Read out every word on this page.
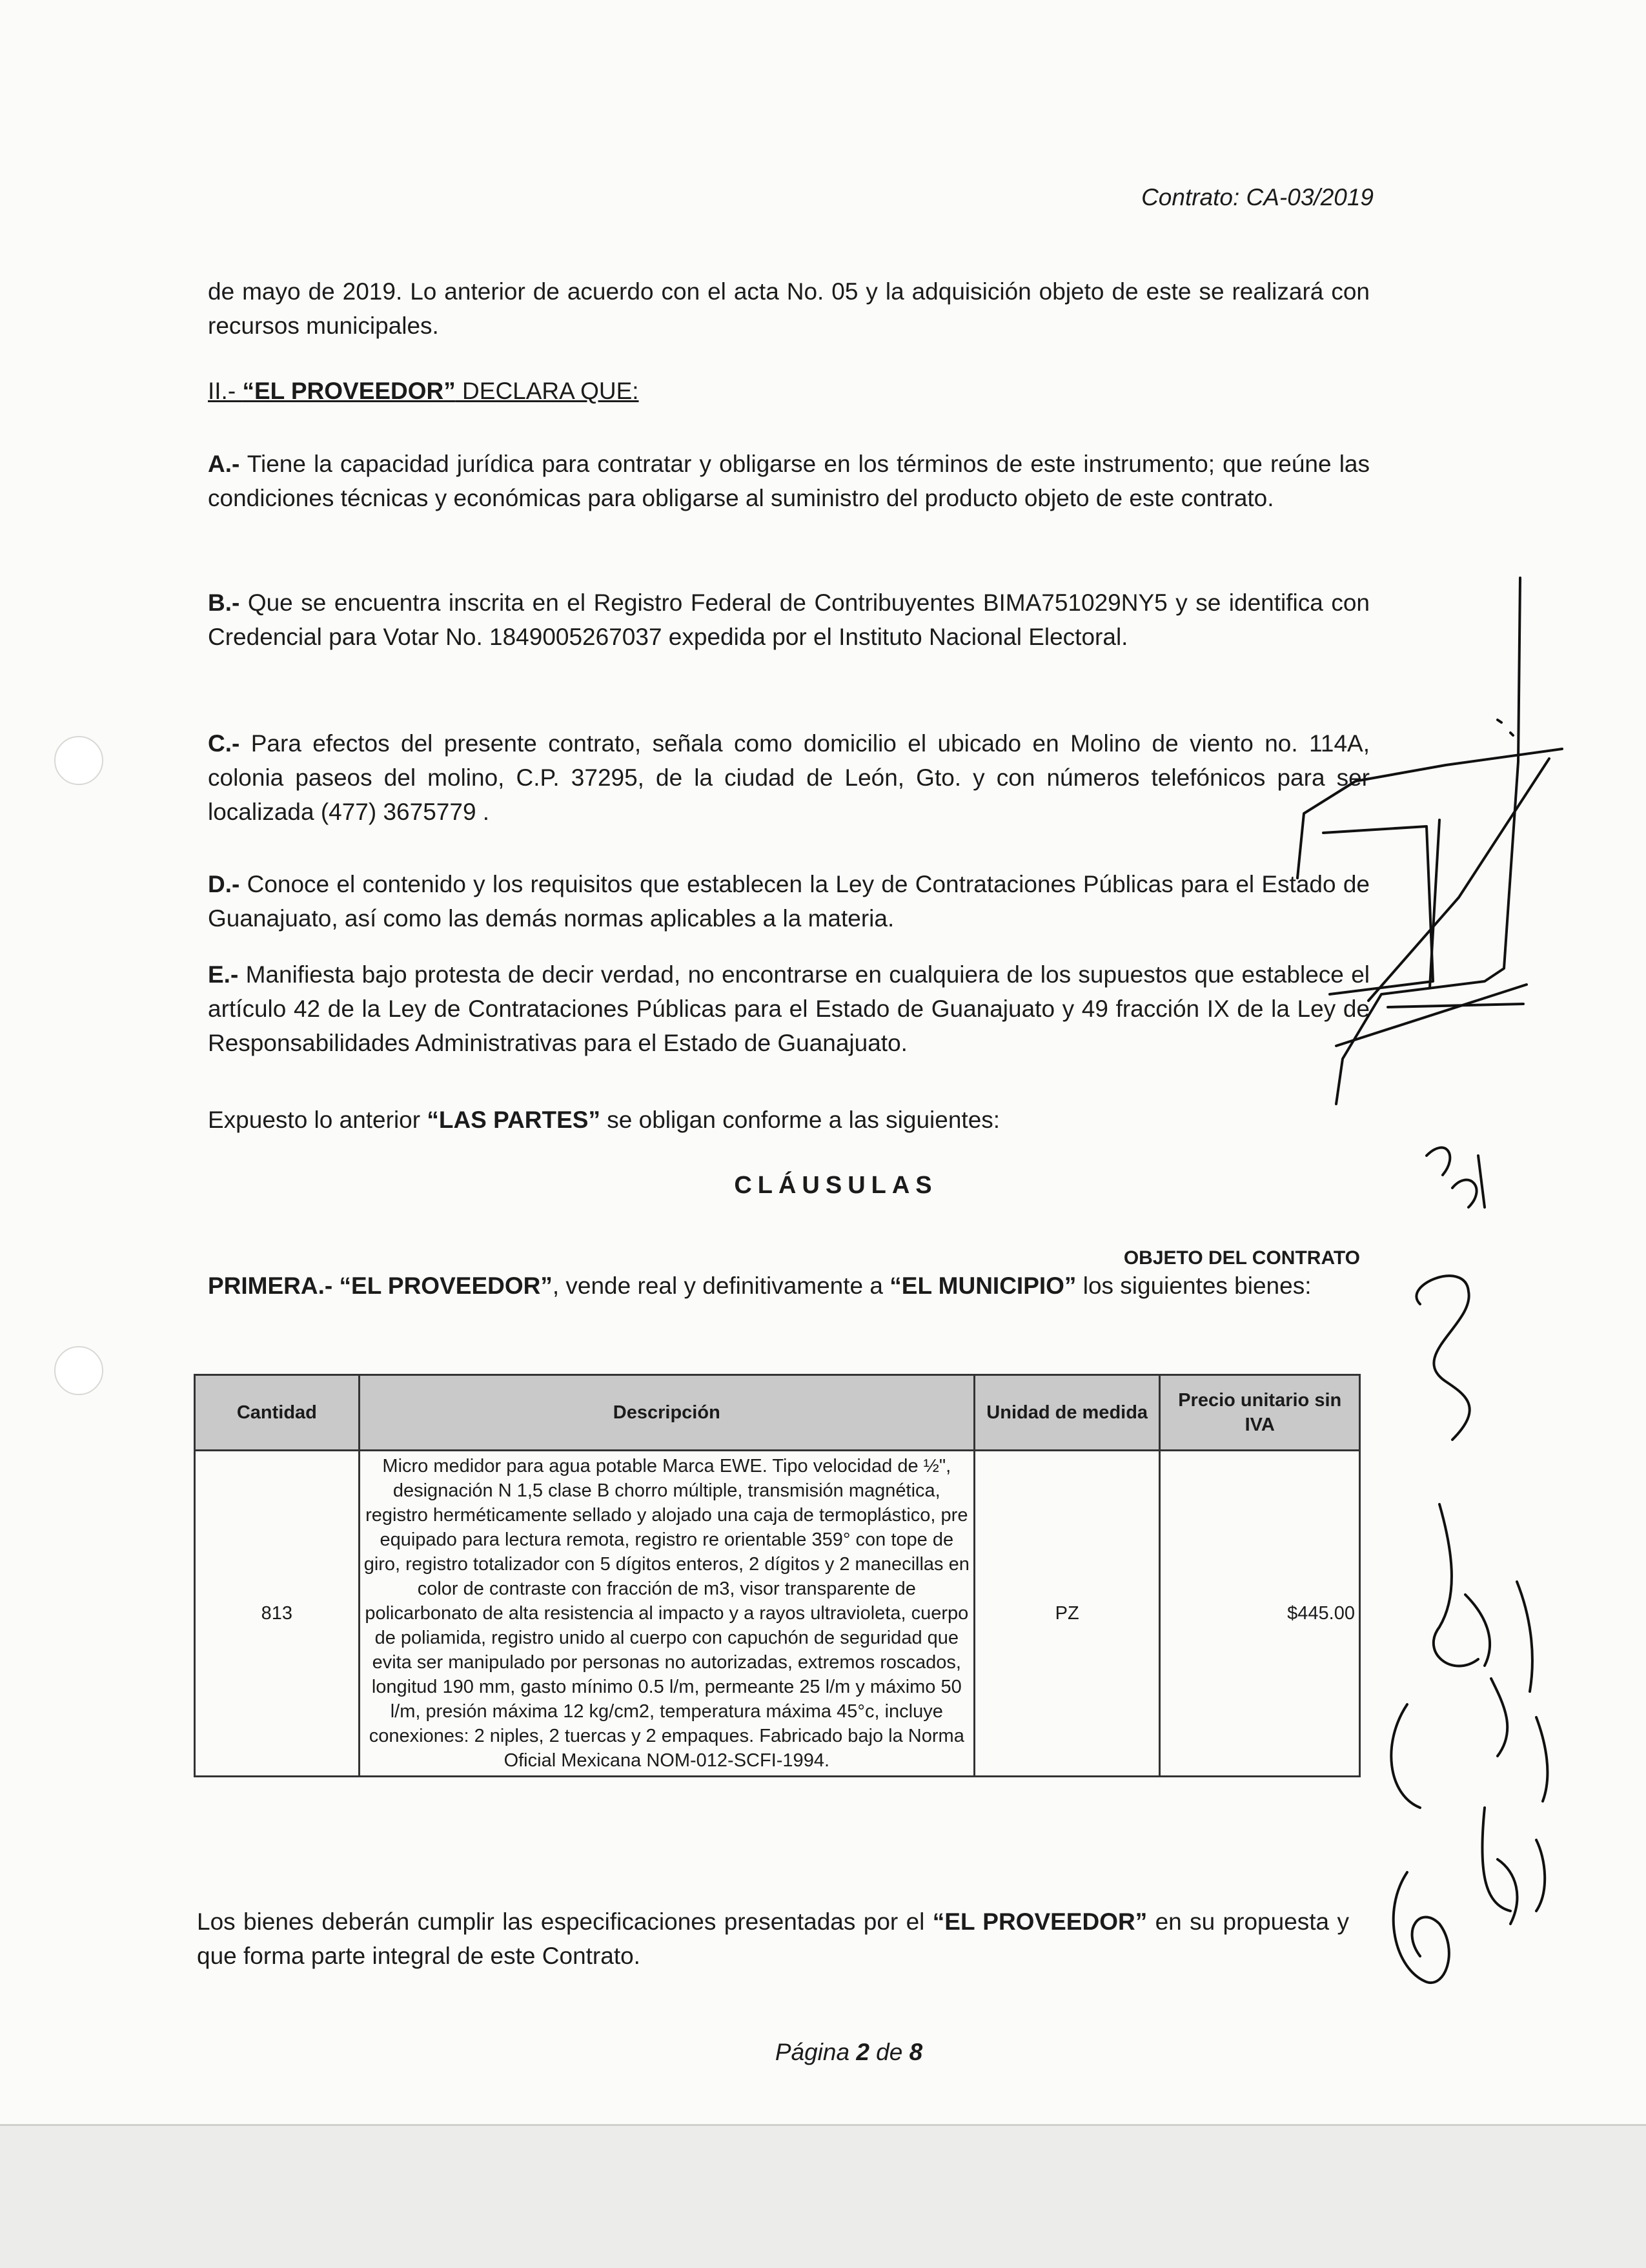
Contrato: CA-03/2019
de mayo de 2019. Lo anterior de acuerdo con el acta No. 05 y la adquisición objeto de este se realizará con recursos municipales.
II.- “EL PROVEEDOR” DECLARA QUE:
A.- Tiene la capacidad jurídica para contratar y obligarse en los términos de este instrumento; que reúne las condiciones técnicas y económicas para obligarse al suministro del producto objeto de este contrato.
B.- Que se encuentra inscrita en el Registro Federal de Contribuyentes BIMA751029NY5 y se identifica con Credencial para Votar No. 1849005267037 expedida por el Instituto Nacional Electoral.
C.- Para efectos del presente contrato, señala como domicilio el ubicado en Molino de viento no. 114A, colonia paseos del molino, C.P. 37295, de la ciudad de León, Gto. y con números telefónicos para ser localizada (477) 3675779 .
D.- Conoce el contenido y los requisitos que establecen la Ley de Contrataciones Públicas para el Estado de Guanajuato, así como las demás normas aplicables a la materia.
E.- Manifiesta bajo protesta de decir verdad, no encontrarse en cualquiera de los supuestos que establece el artículo 42 de la Ley de Contrataciones Públicas para el Estado de Guanajuato y 49 fracción IX de la Ley de Responsabilidades Administrativas para el Estado de Guanajuato.
Expuesto lo anterior “LAS PARTES” se obligan conforme a las siguientes:
CLÁUSULAS
OBJETO DEL CONTRATO
PRIMERA.- “EL PROVEEDOR”, vende real y definitivamente a “EL MUNICIPIO” los siguientes bienes:
Cantidad	Descripción	Unidad de medida	Precio unitario sin IVA
813	Micro medidor para agua potable Marca EWE. Tipo velocidad de ½", designación N 1,5 clase B chorro múltiple, transmisión magnética, registro herméticamente sellado y alojado una caja de termoplástico, pre equipado para lectura remota, registro re orientable 359° con tope de giro, registro totalizador con 5 dígitos enteros, 2 dígitos y 2 manecillas en color de contraste con fracción de m3, visor transparente de policarbonato de alta resistencia al impacto y a rayos ultravioleta, cuerpo de poliamida, registro unido al cuerpo con capuchón de seguridad que evita ser manipulado por personas no autorizadas, extremos roscados, longitud 190 mm, gasto mínimo 0.5 l/m, permeante 25 l/m y máximo 50 l/m, presión máxima 12 kg/cm2, temperatura máxima 45°c, incluye conexiones: 2 niples, 2 tuercas y 2 empaques. Fabricado bajo la Norma Oficial Mexicana NOM-012-SCFI-1994.	PZ	$445.00
Los bienes deberán cumplir las especificaciones presentadas por el “EL PROVEEDOR” en su propuesta y que forma parte integral de este Contrato.
Página 2 de 8
